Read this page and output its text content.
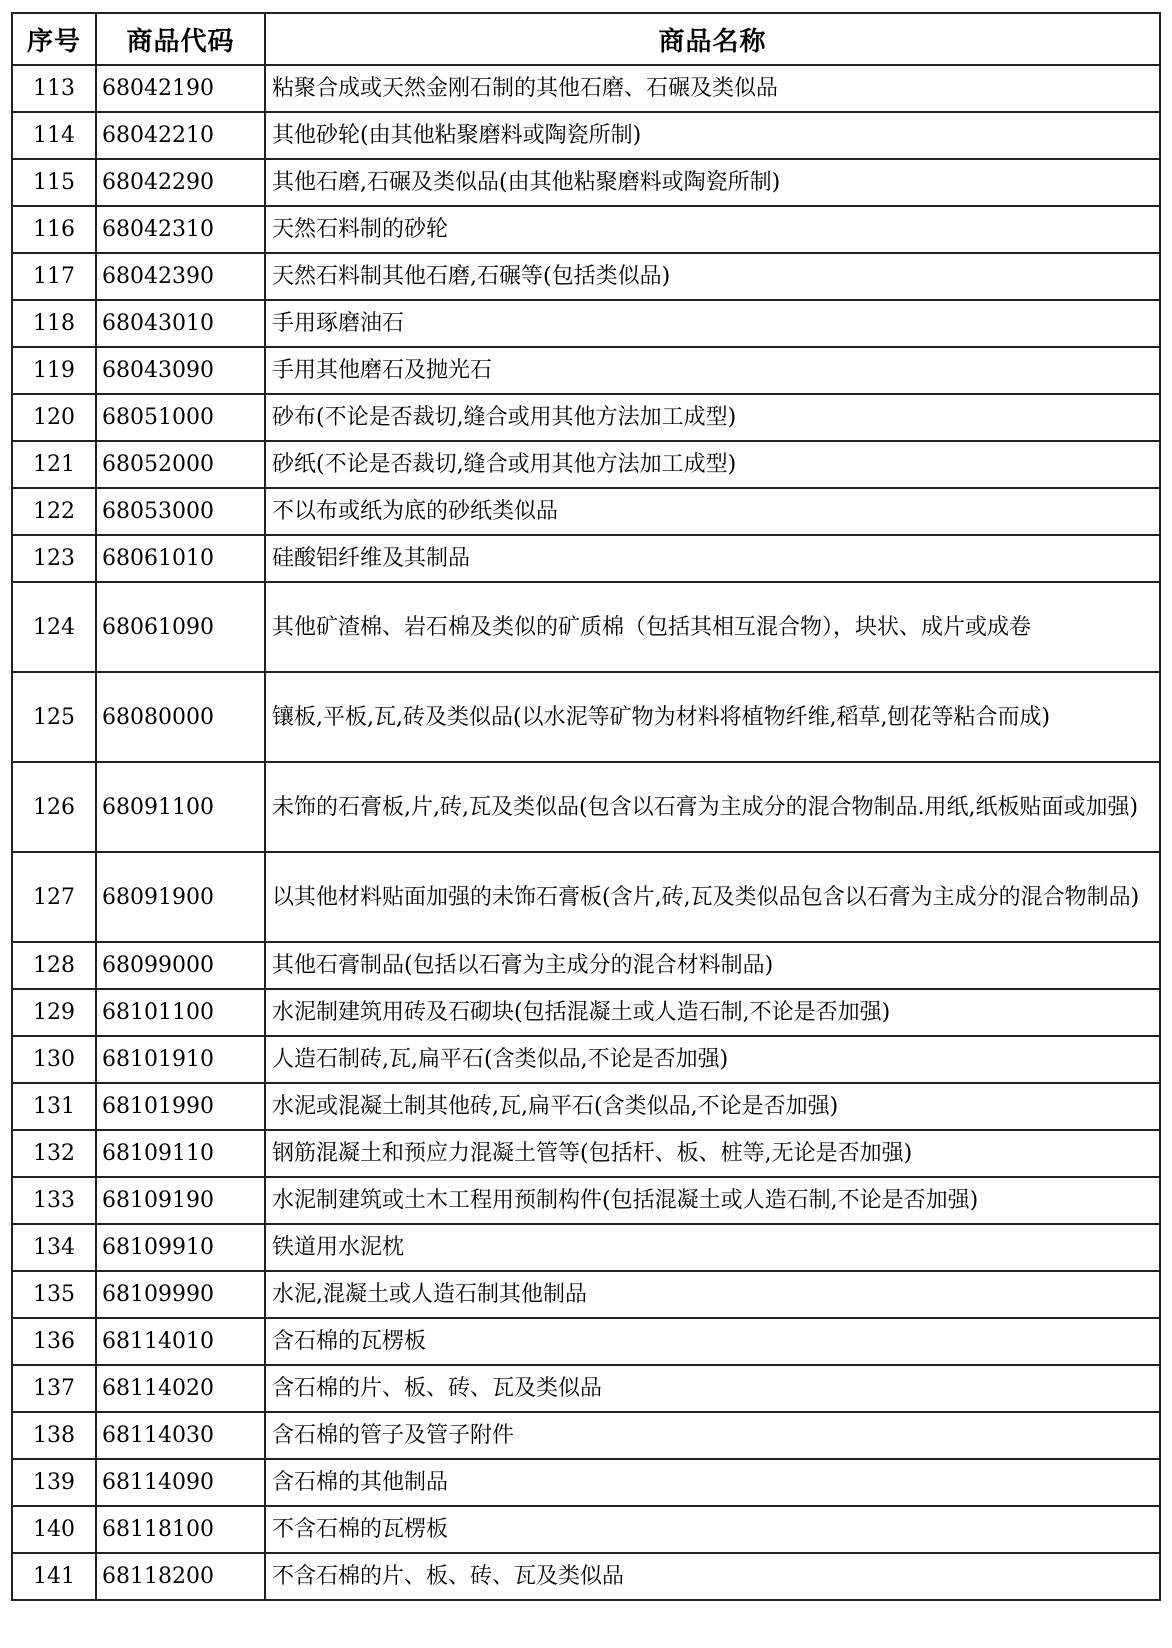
序号	商品代码	商品名称
113	68042190	粘聚合成或天然金刚石制的其他石磨、石碾及类似品
114	68042210	其他砂轮(由其他粘聚磨料或陶瓷所制)
115	68042290	其他石磨,石碾及类似品(由其他粘聚磨料或陶瓷所制)
116	68042310	天然石料制的砂轮
117	68042390	天然石料制其他石磨,石碾等(包括类似品)
118	68043010	手用琢磨油石
119	68043090	手用其他磨石及抛光石
120	68051000	砂布(不论是否裁切,缝合或用其他方法加工成型)
121	68052000	砂纸(不论是否裁切,缝合或用其他方法加工成型)
122	68053000	不以布或纸为底的砂纸类似品
123	68061010	硅酸铝纤维及其制品
124	68061090	其他矿渣棉、岩石棉及类似的矿质棉（包括其相互混合物），块状、成片或成卷
125	68080000	镶板,平板,瓦,砖及类似品(以水泥等矿物为材料将植物纤维,稻草,刨花等粘合而成)
126	68091100	未饰的石膏板,片,砖,瓦及类似品(包含以石膏为主成分的混合物制品.用纸,纸板贴面或加强)
127	68091900	以其他材料贴面加强的未饰石膏板(含片,砖,瓦及类似品包含以石膏为主成分的混合物制品)
128	68099000	其他石膏制品(包括以石膏为主成分的混合材料制品)
129	68101100	水泥制建筑用砖及石砌块(包括混凝土或人造石制,不论是否加强)
130	68101910	人造石制砖,瓦,扁平石(含类似品,不论是否加强)
131	68101990	水泥或混凝土制其他砖,瓦,扁平石(含类似品,不论是否加强)
132	68109110	钢筋混凝土和预应力混凝土管等(包括杆、板、桩等,无论是否加强)
133	68109190	水泥制建筑或土木工程用预制构件(包括混凝土或人造石制,不论是否加强)
134	68109910	铁道用水泥枕
135	68109990	水泥,混凝土或人造石制其他制品
136	68114010	含石棉的瓦楞板
137	68114020	含石棉的片、板、砖、瓦及类似品
138	68114030	含石棉的管子及管子附件
139	68114090	含石棉的其他制品
140	68118100	不含石棉的瓦楞板
141	68118200	不含石棉的片、板、砖、瓦及类似品
